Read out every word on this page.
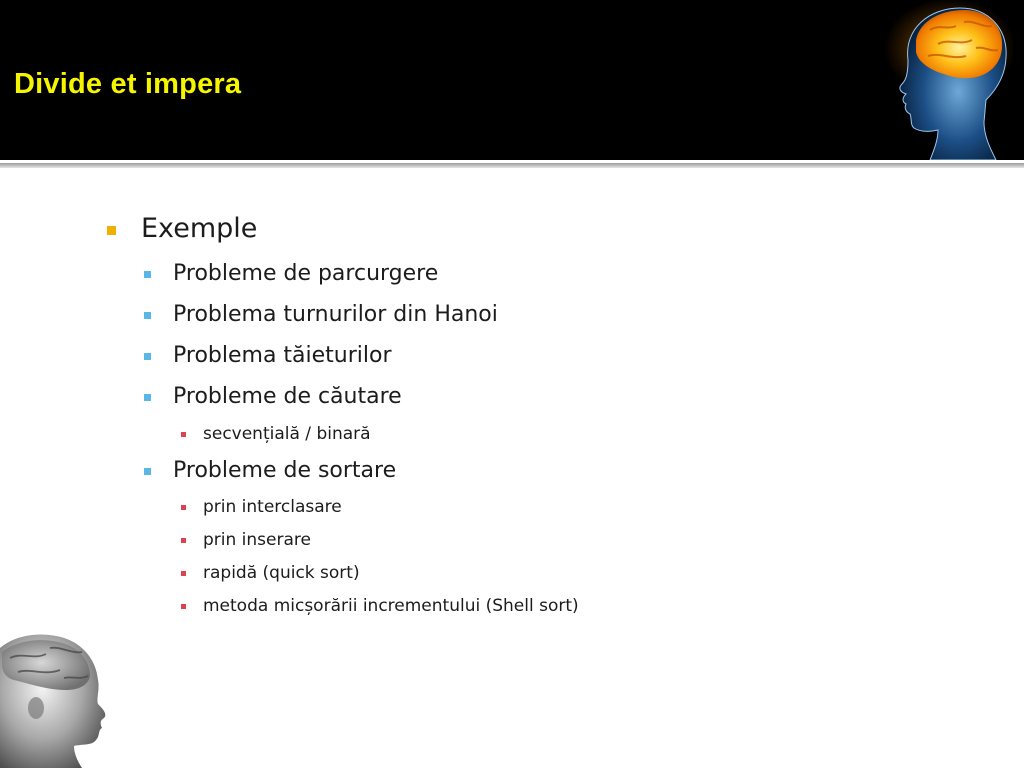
Divide et impera
Exemple
Probleme de parcurgere
Problema turnurilor din Hanoi
Problema tăieturilor
Probleme de căutare
secvențială / binară
Probleme de sortare
prin interclasare
prin inserare
rapidă (quick sort)
metoda micșorării incrementului (Shell sort)
